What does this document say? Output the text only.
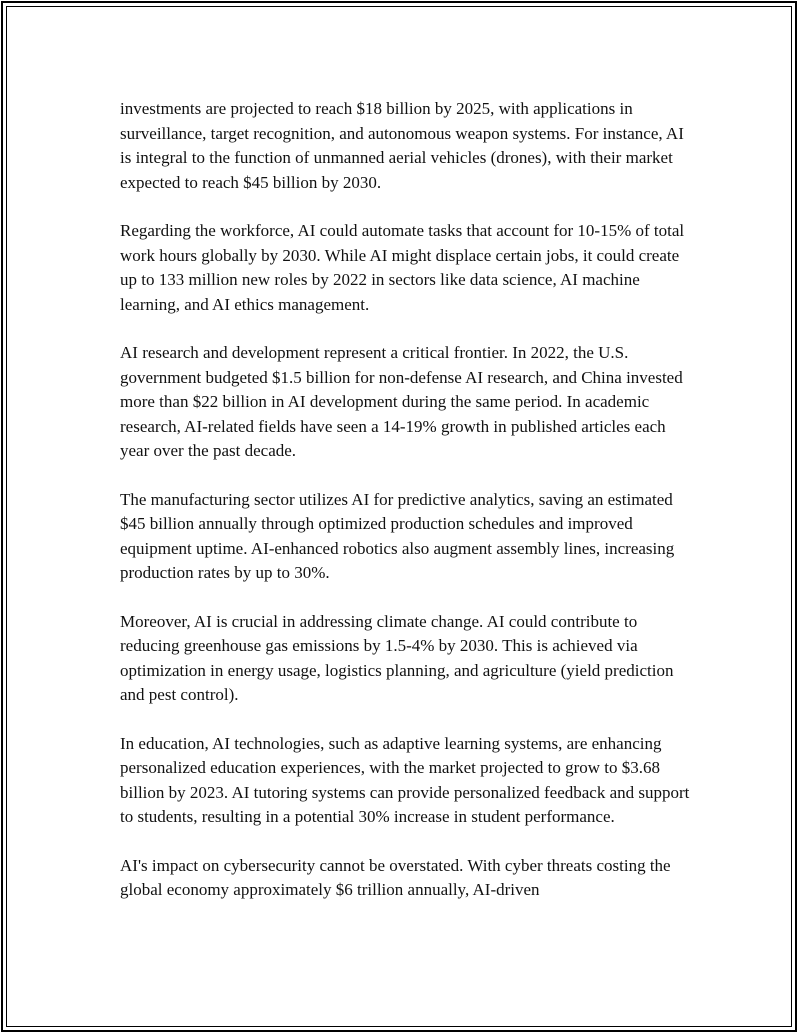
investments are projected to reach $18 billion by 2025, with applications in surveillance, target recognition, and autonomous weapon systems. For instance, AI is integral to the function of unmanned aerial vehicles (drones), with their market expected to reach $45 billion by 2030.

Regarding the workforce, AI could automate tasks that account for 10-15% of total work hours globally by 2030. While AI might displace certain jobs, it could create up to 133 million new roles by 2022 in sectors like data science, AI machine learning, and AI ethics management.

AI research and development represent a critical frontier. In 2022, the U.S. government budgeted $1.5 billion for non-defense AI research, and China invested more than $22 billion in AI development during the same period. In academic research, AI-related fields have seen a 14-19% growth in published articles each year over the past decade.

The manufacturing sector utilizes AI for predictive analytics, saving an estimated $45 billion annually through optimized production schedules and improved equipment uptime. AI-enhanced robotics also augment assembly lines, increasing production rates by up to 30%.

Moreover, AI is crucial in addressing climate change. AI could contribute to reducing greenhouse gas emissions by 1.5-4% by 2030. This is achieved via optimization in energy usage, logistics planning, and agriculture (yield prediction and pest control).

In education, AI technologies, such as adaptive learning systems, are enhancing personalized education experiences, with the market projected to grow to $3.68 billion by 2023. AI tutoring systems can provide personalized feedback and support to students, resulting in a potential 30% increase in student performance.

AI's impact on cybersecurity cannot be overstated. With cyber threats costing the global economy approximately $6 trillion annually, AI-driven
